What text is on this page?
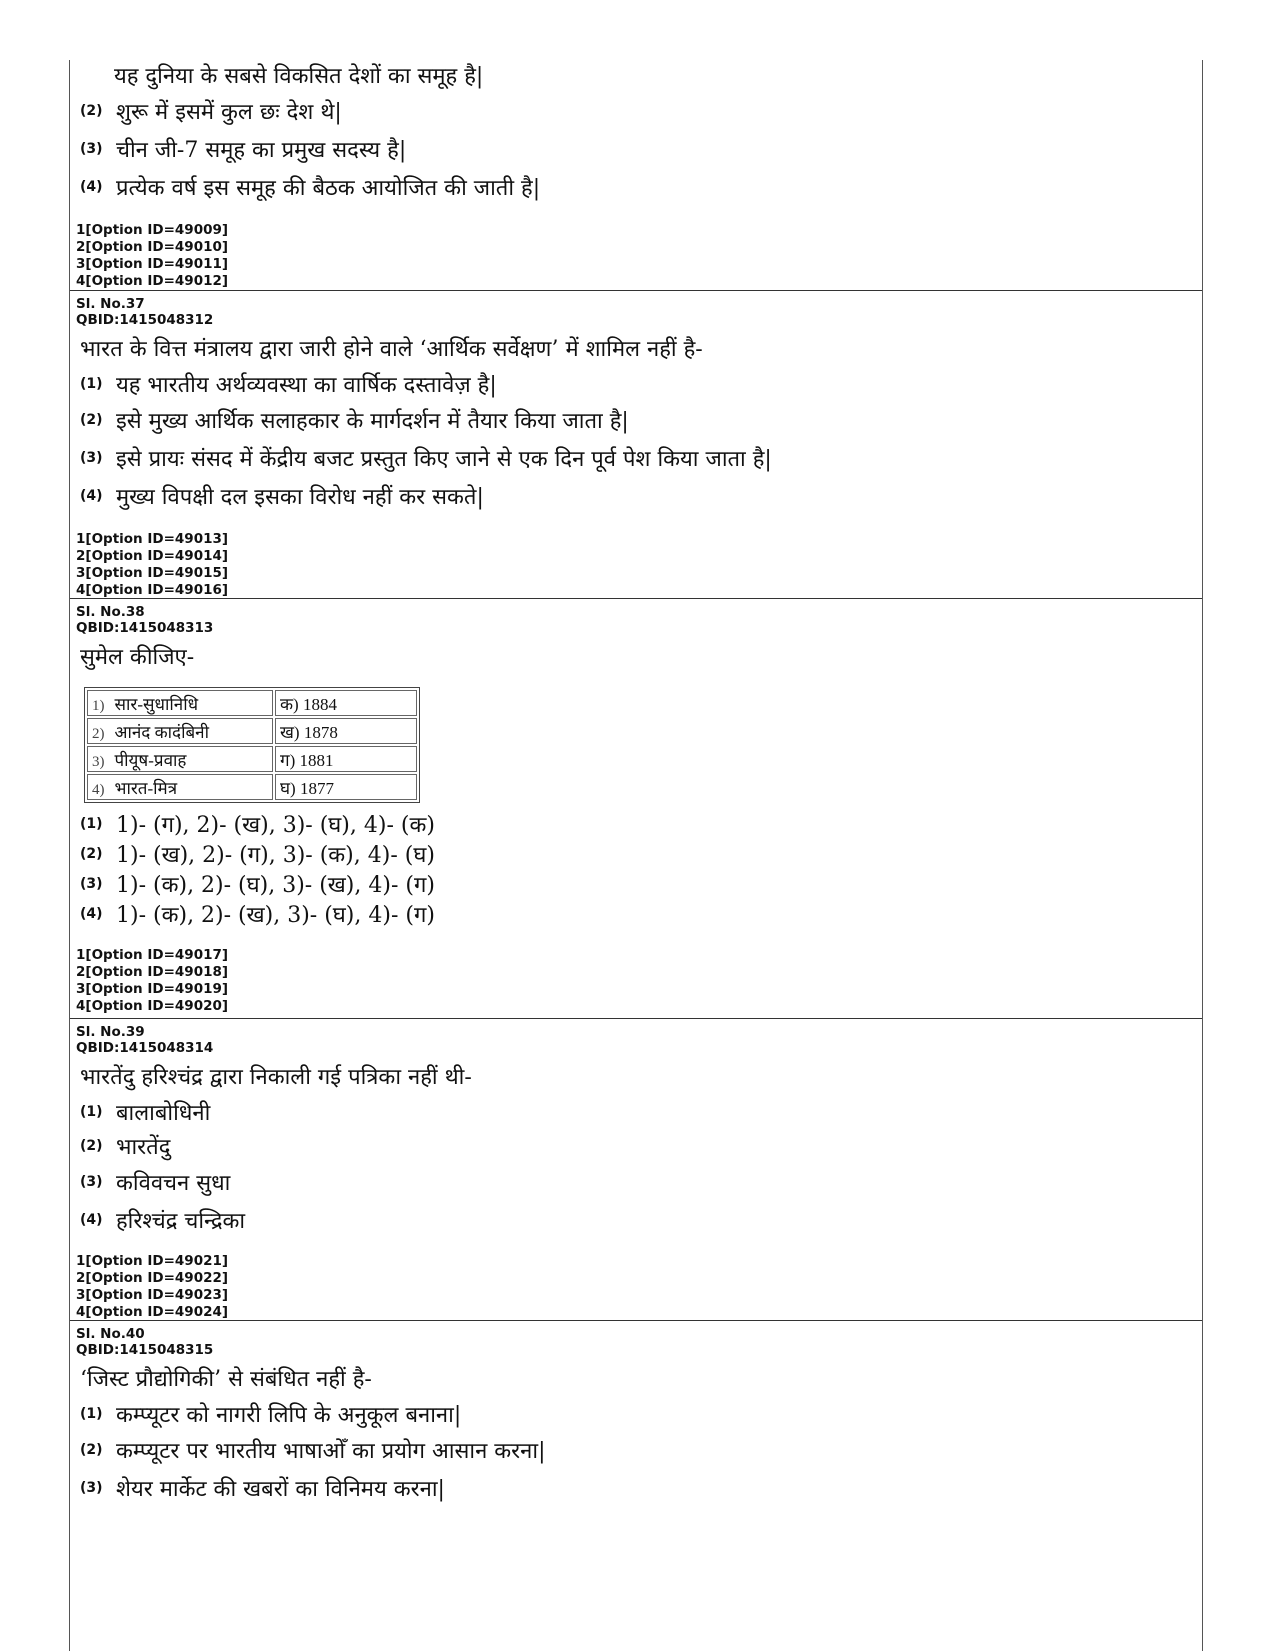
यह दुनिया के सबसे विकसित देशों का समूह है|
(2) शुरू में इसमें कुल छः देश थे|
(3) चीन जी-7 समूह का प्रमुख सदस्य है|
(4) प्रत्येक वर्ष इस समूह की बैठक आयोजित की जाती है|
1[Option ID=49009]
2[Option ID=49010]
3[Option ID=49011]
4[Option ID=49012]
Sl. No.37
QBID:1415048312
भारत के वित्त मंत्रालय द्वारा जारी होने वाले ‘आर्थिक सर्वेक्षण’ में शामिल नहीं है-
(1) यह भारतीय अर्थव्यवस्था का वार्षिक दस्तावेज़ है|
(2) इसे मुख्य आर्थिक सलाहकार के मार्गदर्शन में तैयार किया जाता है|
(3) इसे प्रायः संसद में केंद्रीय बजट प्रस्तुत किए जाने से एक दिन पूर्व पेश किया जाता है|
(4) मुख्य विपक्षी दल इसका विरोध नहीं कर सकते|
1[Option ID=49013]
2[Option ID=49014]
3[Option ID=49015]
4[Option ID=49016]
Sl. No.38
QBID:1415048313
सुमेल कीजिए-
1) सार-सुधानिधि	क) 1884
2) आनंद कादंबिनी	ख) 1878
3) पीयूष-प्रवाह	ग) 1881
4) भारत-मित्र	घ) 1877
(1) 1)- (ग), 2)- (ख), 3)- (घ), 4)- (क)
(2) 1)- (ख), 2)- (ग), 3)- (क), 4)- (घ)
(3) 1)- (क), 2)- (घ), 3)- (ख), 4)- (ग)
(4) 1)- (क), 2)- (ख), 3)- (घ), 4)- (ग)
1[Option ID=49017]
2[Option ID=49018]
3[Option ID=49019]
4[Option ID=49020]
Sl. No.39
QBID:1415048314
भारतेंदु हरिश्चंद्र द्वारा निकाली गई पत्रिका नहीं थी-
(1) बालाबोधिनी
(2) भारतेंदु
(3) कविवचन सुधा
(4) हरिश्चंद्र चन्द्रिका
1[Option ID=49021]
2[Option ID=49022]
3[Option ID=49023]
4[Option ID=49024]
Sl. No.40
QBID:1415048315
‘जिस्ट प्रौद्योगिकी’ से संबंधित नहीं है-
(1) कम्प्यूटर को नागरी लिपि के अनुकूल बनाना|
(2) कम्प्यूटर पर भारतीय भाषाओँ का प्रयोग आसान करना|
(3) शेयर मार्केट की खबरों का विनिमय करना|
